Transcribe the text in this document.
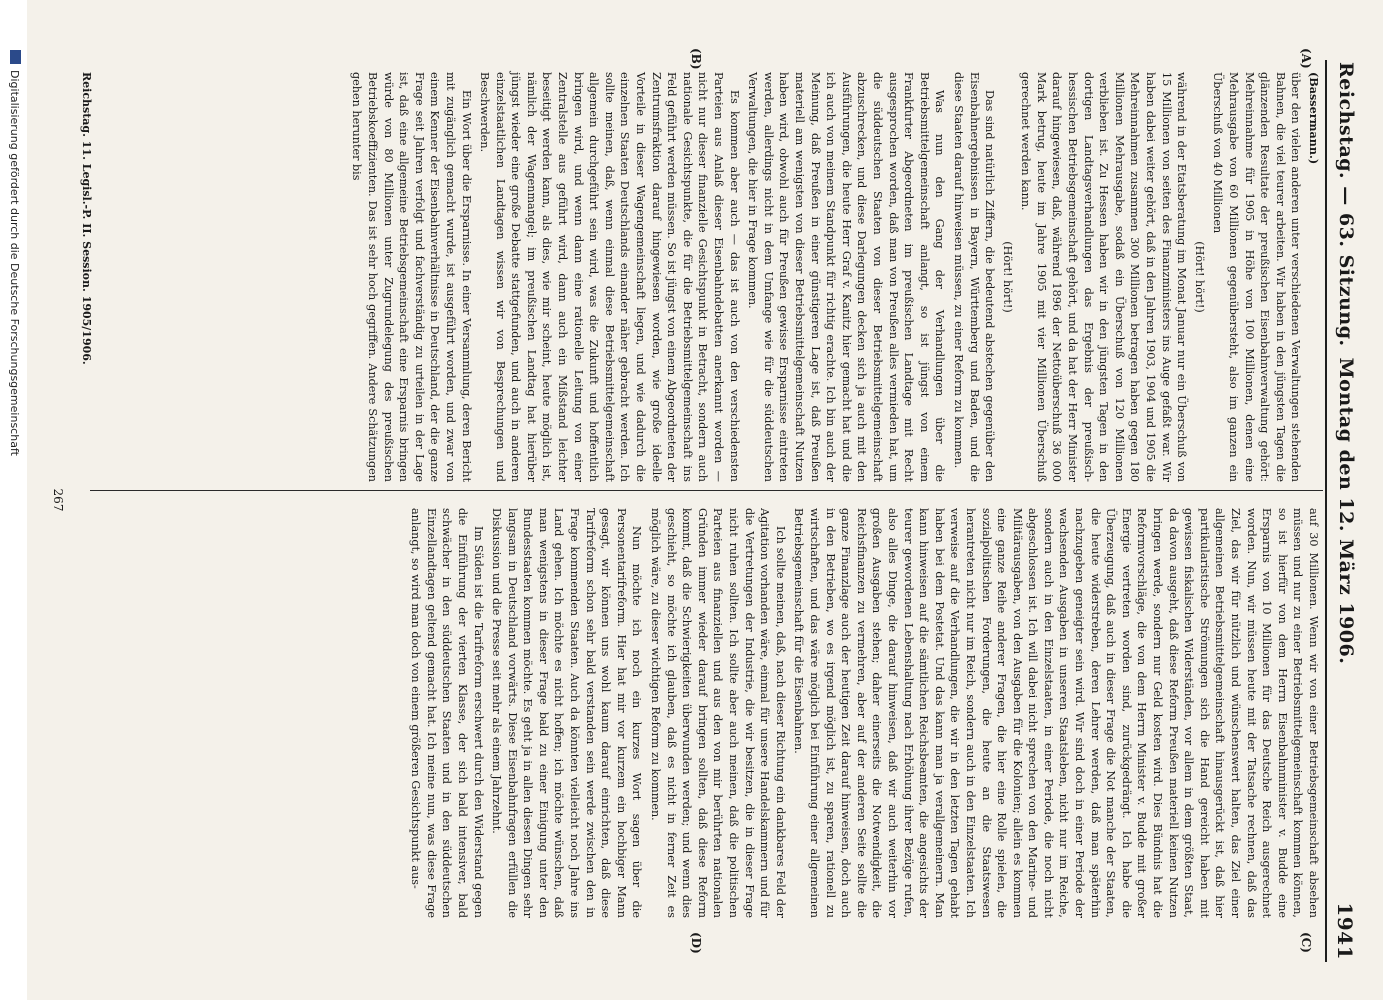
Reichstag. — 63. Sitzung.
Montag den 12. März 1906.
1941
(A)
(B)
(C)
(D)

(Bassermann.)

über den vielen anderen unter verschiedenen Verwaltungen stehenden Bahnen, die viel teurer arbeiten. Wir haben in den jüngsten Tagen die glänzenden Resultate der preußischen Eisenbahnverwaltung gehört: Mehreinnahme für 1905 in Höhe von 100 Millionen, denen eine Mehrausgabe von 60 Millionen gegenübersteht, also im ganzen ein Überschuß von 40 Millionen

(Hört! hört!)

während in der Etatsberatung im Monat Januar nur ein Überschuß von 15 Millionen von seiten des Finanzministers ins Auge gefaßt war. Wir haben dabei weiter gehört, daß in den Jahren 1903, 1904 und 1905 die Mehreinnahmen zusammen 300 Millionen betragen haben gegen 180 Millionen Mehrausgabe, sodaß ein Überschuß von 120 Millionen verblieben ist. Zu Hessen haben wir in den jüngsten Tagen in den dortigen Landtagsverhandlungen das Ergebnis der preußisch-hessischen Betriebsgemeinschaft gehört, und da hat der Herr Minister darauf hingewiesen, daß, während 1896 der Nettoüberschuß 36 000 Mark betrug, heute im Jahre 1905 mit vier Millionen Überschuß gerechnet werden kann.

(Hört! hört!)

Das sind natürlich Ziffern, die bedeutend abstechen gegenüber den Eisenbahnergebnissen in Bayern, Württemberg und Baden, und die diese Staaten darauf hinweisen müssen, zu einer Reform zu kommen.

Was nun den Gang der Verhandlungen über die Betriebsmittelgemeinschaft anlangt, so ist jüngst von einem Frankfurter Abgeordneten im preußischen Landtage mit Recht ausgesprochen worden, daß man von Preußen alles vermieden hat, um die süddeutschen Staaten von dieser Betriebsmittelgemeinschaft abzuschrecken, und diese Darlegungen decken sich ja auch mit den Ausführungen, die heute Herr Graf v. Kanitz hier gemacht hat und die ich auch von meinem Standpunkt für richtig erachte. Ich bin auch der Meinung, daß Preußen in einer günstigeren Lage ist, daß Preußen materiell am wenigsten von dieser Betriebsmittelgemeinschaft Nutzen haben wird, obwohl auch für Preußen gewisse Ersparnisse eintreten werden, allerdings nicht in dem Umfange wie für die süddeutschen Verwaltungen, die hier in Frage kommen.

Es kommen aber auch — das ist auch von den verschiedensten Parteien aus Anlaß dieser Eisenbahndebatten anerkannt worden — nicht nur dieser finanzielle Gesichtspunkt in Betracht, sondern auch nationale Gesichtspunkte, die für die Betriebsmittelgemeinschaft ins Feld geführt werden müssen. So ist jüngst von einem Abgeordneten der Zentrumsfraktion darauf hingewiesen worden, wie große ideelle Vorteile in dieser Wagengemeinschaft liegen, und wie dadurch die einzelnen Staaten Deutschlands einander näher gebracht werden. Ich sollte meinen, daß, wenn einmal diese Betriebsmittelgemeinschaft allgemein durchgeführt sein wird, was die Zukunft und hoffentlich bringen wird, und wenn dann eine rationelle Leitung von einer Zentralstelle aus geführt wird, dann auch ein Mißstand leichter beseitigt werden kann, als dies, wie mir scheint, heute möglich ist, nämlich der Wagenmangel; im preußischen Landtag hat hierüber jüngst wieder eine große Debatte stattgefunden, und auch in anderen einzelstaatlichen Landtagen wissen wir von Besprechungen und Beschwerden.

Ein Wort über die Ersparnisse. In einer Versammlung, deren Bericht mit zugänglich gemacht wurde, ist ausgeführt worden, und zwar von einem Kenner der Eisenbahnverhältnisse in Deutschland, der die ganze Frage seit Jahren verfolgt und fachverständig zu urteilen in der Lage ist, daß eine allgemeine Betriebsgemeinschaft eine Ersparnis bringen würde von 80 Millionen unter Zugrundelegung des preußischen Betriebskoeffizienten. Das ist sehr hoch gegriffen. Andere Schätzungen gehen herunter bis

auf 30 Millionen. Wenn wir von einer Betriebsgemeinschaft absehen müssen und nur zu einer Betriebsmittelgemeinschaft kommen können, so ist hierfür von dem Herrn Eisenbahnminister v. Budde eine Ersparnis von 10 Millionen für das Deutsche Reich ausgerechnet worden. Nun, wir müssen heute mit der Tatsache rechnen, daß das Ziel, das wir für nützlich und wünschenswert halten, das Ziel einer allgemeinen Betriebsmittelgemeinschaft hinausgerückt ist, daß hier partikularistische Strömungen sich die Hand gereicht haben mit gewissen fiskalischen Widerständen, vor allem in dem größten Staat, da davon ausgeht, daß diese Reform Preußen materiell keinen Nutzen bringen werde, sondern nur Geld kosten wird. Dies Bündnis hat die Reformvorschläge, die von dem Herrn Minister v. Budde mit großer Energie vertreten worden sind, zurückgedrängt. Ich habe die Überzeugung, daß auch in dieser Frage die Not manche der Staaten, die heute widerstreben, deren Lehrer werden, daß man späterhin nachzugeben geneigter sein wird. Wir sind doch in einer Periode der wachsenden Ausgaben in unseren Staatsleben, nicht nur im Reiche, sondern auch in den Einzelstaaten, in einer Periode, die noch nicht abgeschlossen ist. Ich will dabei nicht sprechen von den Marine- und Militärausgaben, von den Ausgaben für die Kolonien; allein es kommen eine ganze Reihe anderer Fragen, die hier eine Rolle spielen, die sozialpolitischen Forderungen, die heute an die Staatswesen herantreten nicht nur im Reich, sondern auch in den Einzelstaaten. Ich verweise auf die Verhandlungen, die wir in den letzten Tagen gehabt haben bei dem Postetat. Und das kann man ja verallgemeinern. Man kann hinweisen auf die sämtlichen Reichsbeamten, die angesichts der teurer gewordenen Lebenshaltung nach Erhöhung ihrer Bezüge rufen, also alles Dinge, die darauf hinweisen, daß wir auch weiterhin vor großen Ausgaben stehen; daher einerseits die Notwendigkeit, die Reichsfinanzen zu vermehren, aber auf der anderen Seite sollte die ganze Finanzlage auch der heutigen Zeit darauf hinweisen, doch auch in den Betrieben, wo es irgend möglich ist, zu sparen, rationell zu wirtschaften, und das wäre möglich bei Einführung einer allgemeinen Betriebsgemeinschaft für die Eisenbahnen.

Ich sollte meinen, daß, nach dieser Richtung ein dankbares Feld der Agitation vorhanden wäre, einmal für unsere Handelskammern und für die Vertretungen der Industrie, die wir besitzen, die in dieser Frage nicht ruhen sollten. Ich sollte aber auch meinen, daß die politischen Parteien aus finanziellen und aus den von mir berührten nationalen Gründen immer wieder darauf bringen sollten, daß diese Reform kommt, daß die Schwierigkeiten überwunden werden; und wenn dies geschieht, so möchte ich glauben, daß es nicht in ferner Zeit es möglich wäre, zu dieser wichtigen Reform zu kommen.

Nun möchte ich noch ein kurzes Wort sagen über die Personentarifreform. Hier hat mir vor kurzem ein hochbiger Mann gesagt, wir können uns wohl kaum darauf einrichten, daß diese Tarifreform schon sehr bald verstanden sein werde zwischen den in Frage kommenden Staaten. Auch da könnten vielleicht noch Jahre ins Land gehen. Ich möchte es nicht hoffen; ich möchte wünschen, daß man wenigstens in dieser Frage bald zu einer Einigung unter den Bundesstaaten kommen möchte. Es geht ja in allen diesen Dingen sehr langsam in Deutschland vorwärts. Diese Eisenbahnfragen erfüllen die Diskussion und die Presse seit mehr als einem Jahrzehnt.

Im Süden ist die Tarifreform erschwert durch den Widerstand gegen die Einführung der vierten Klasse, der sich bald intensiver, bald schwächer in den süddeutschen Staaten und in den süddeutschen Einzellandtagen geltend gemacht hat. Ich meine nun, was diese Frage anlangt, so wird man doch von einem größeren Gesichtspunkt aus-

Reichstag. 11. Legisl.-P. II. Session. 1905/1906.
267
Digitalisierung gefördert durch die Deutsche Forschungsgemeinschaft
